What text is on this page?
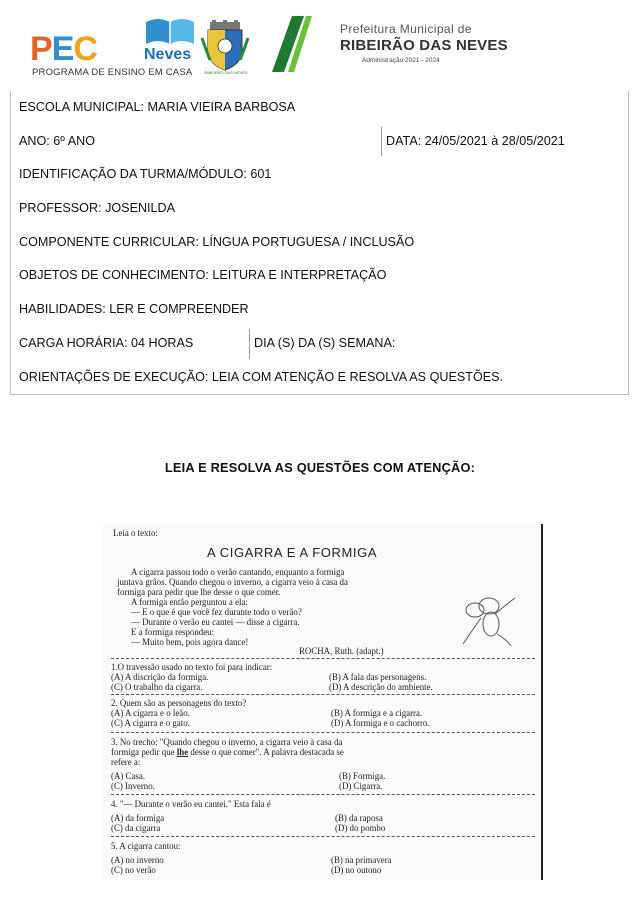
PEC	Neves
PROGRAMA DE ENSINO EM CASA	RIBEIRÃO DAS NEVES
Prefeitura Municipal de
RIBEIRÃO DAS NEVES
Administração 2021 - 2024
ESCOLA MUNICIPAL: MARIA VIEIRA BARBOSA
ANO: 6º ANO	DATA: 24/05/2021 à 28/05/2021
IDENTIFICAÇÃO DA TURMA/MÓDULO: 601
PROFESSOR: JOSENILDA
COMPONENTE CURRICULAR: LÍNGUA PORTUGUESA / INCLUSÃO
OBJETOS DE CONHECIMENTO: LEITURA E INTERPRETAÇÃO
HABILIDADES: LER E COMPREENDER
CARGA HORÁRIA: 04 HORAS	DIA (S) DA (S) SEMANA:
ORIENTAÇÕES DE EXECUÇÃO: LEIA COM ATENÇÃO E RESOLVA AS QUESTÕES.
LEIA E RESOLVA AS QUESTÕES COM ATENÇÃO:
Leia o texto:
A CIGARRA E A FORMIGA
A cigarra passou todo o verão cantando, enquanto a formiga
juntava grãos. Quando chegou o inverno, a cigarra veio à casa da
formiga para pedir que lhe desse o que comer.
A formiga então perguntou a ela:
— E o que é que você fez durante todo o verão?
— Durante o verão eu cantei — disse a cigarra.
E a formiga respondeu:
— Muito bem, pois agora dance!
ROCHA, Ruth. (adapt.)
1.O travessão usado no texto foi para indicar:
(A) A discrição da formiga.	(B) A fala das personagens.
(C) O trabalho da cigarra.	(D) A descrição do ambiente.
2. Quem são as personagens do texto?
(A) A cigarra e o leão.	(B) A formiga e a cigarra.
(C) A cigarra e o gato.	(D) A formiga e o cachorro.
3. No trecho: "Quando chegou o inverno, a cigarra veio à casa da
formiga pedir que lhe desse o que comer". A palavra destacada se
refere a:
(A) Casa.	(B) Formiga.
(C) Inverno.	(D) Cigarra.
4. "— Durante o verão eu cantei." Esta fala é
(A) da formiga	(B) da raposa
(C) da cigarra	(D) do pombo
5. A cigarra cantou:
(A) no inverno	(B) na primavera
(C) no verão	(D) no outono
